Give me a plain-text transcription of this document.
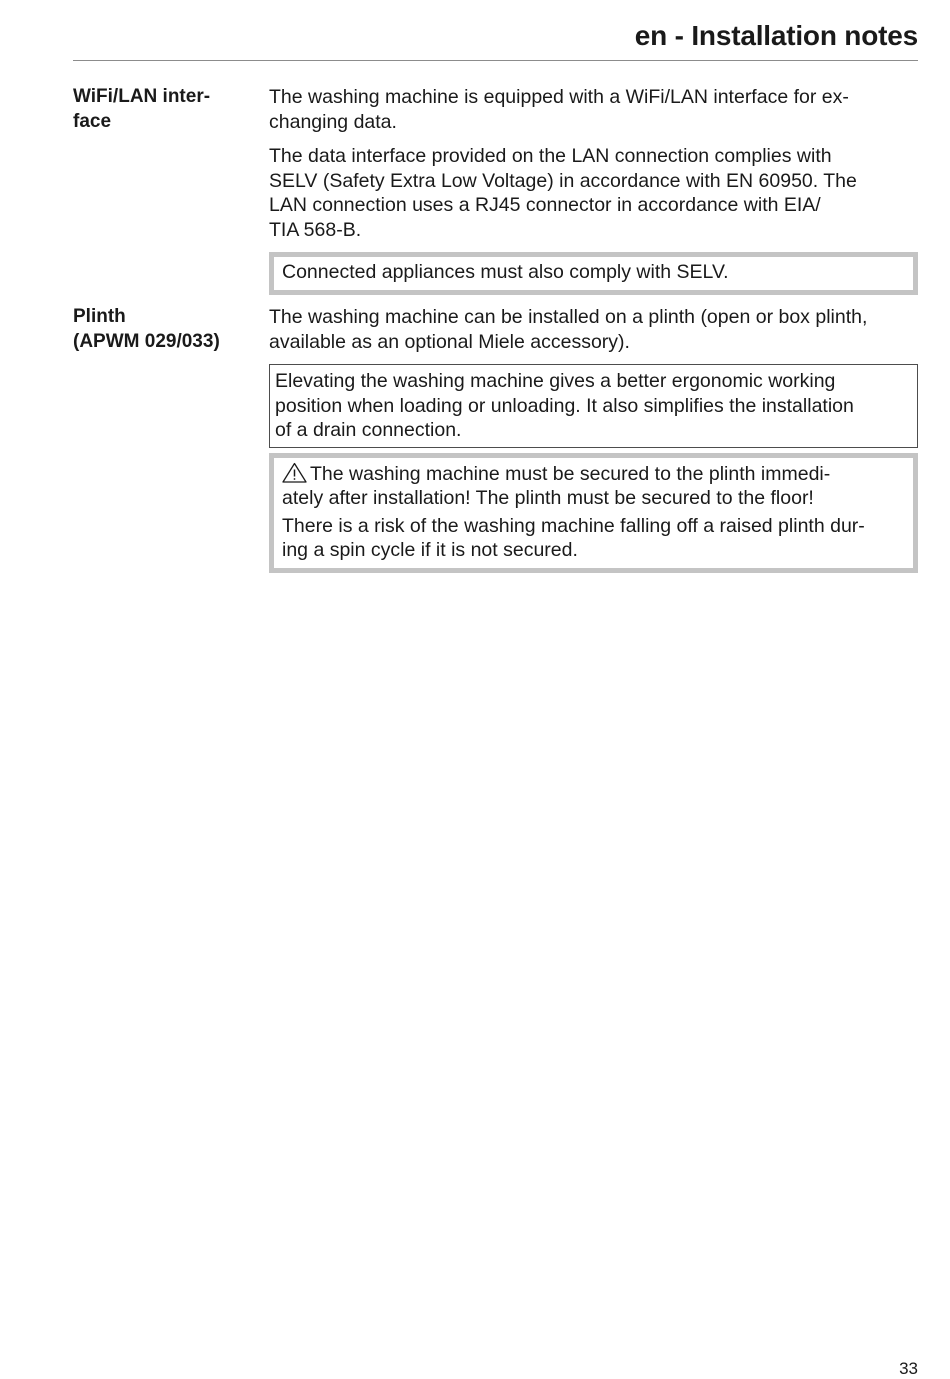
en - Installation notes
WiFi/LAN inter-
face

The washing machine is equipped with a WiFi/LAN interface for ex-
changing data.

The data interface provided on the LAN connection complies with
SELV (Safety Extra Low Voltage) in accordance with EN 60950. The
LAN connection uses a RJ45 connector in accordance with EIA/
TIA 568-B.

Connected appliances must also comply with SELV.
Plinth
(APWM 029/033)

The washing machine can be installed on a plinth (open or box plinth,
available as an optional Miele accessory).

Elevating the washing machine gives a better ergonomic working
position when loading or unloading. It also simplifies the installation
of a drain connection.
The washing machine must be secured to the plinth immedi-
ately after installation! The plinth must be secured to the floor!
There is a risk of the washing machine falling off a raised plinth dur-
ing a spin cycle if it is not secured.
33
